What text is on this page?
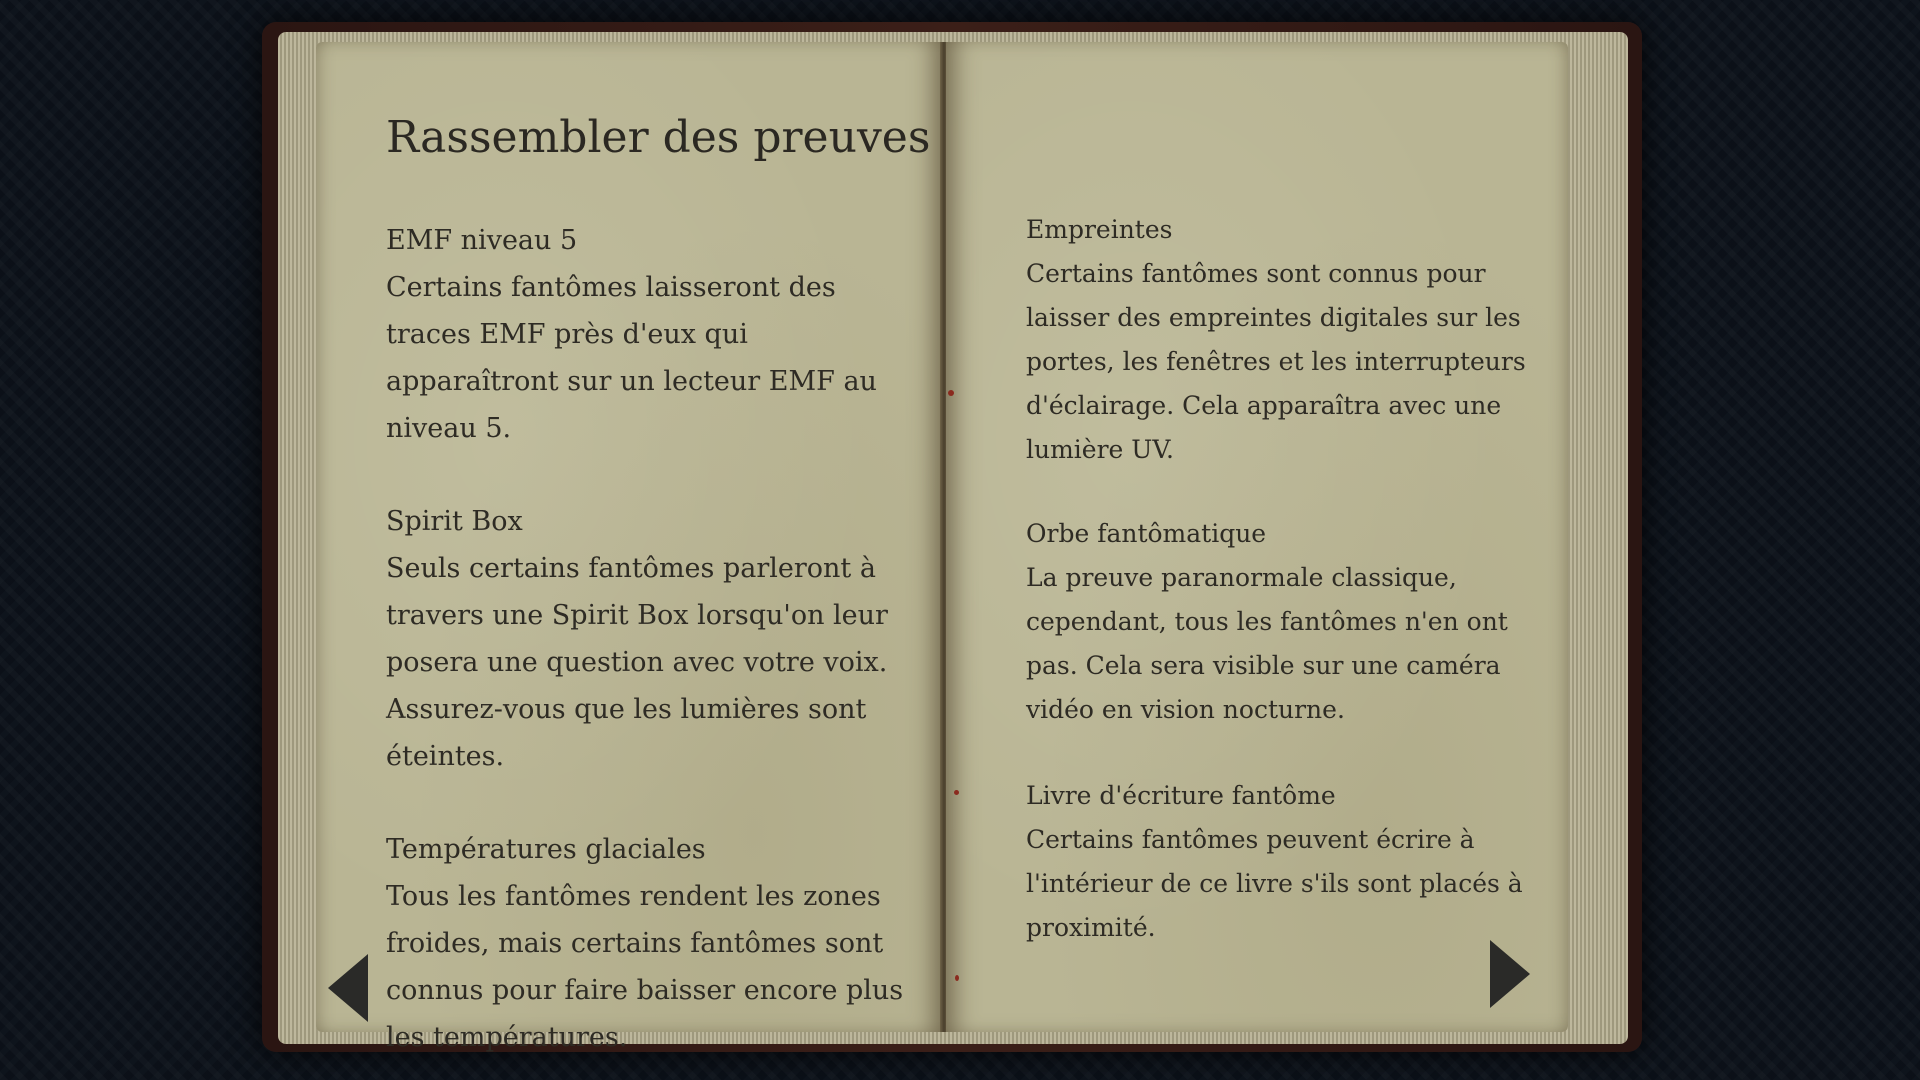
Rassembler des preuves
EMF niveau 5
Certains fantômes laisseront des traces EMF près d'eux qui apparaîtront sur un lecteur EMF au niveau 5.
Spirit Box
Seuls certains fantômes parleront à travers une Spirit Box lorsqu'on leur posera une question avec votre voix. Assurez-vous que les lumières sont éteintes.
Températures glaciales
Tous les fantômes rendent les zones froides, mais certains fantômes sont connus pour faire baisser encore plus les températures.
Empreintes
Certains fantômes sont connus pour laisser des empreintes digitales sur les portes, les fenêtres et les interrupteurs d'éclairage. Cela apparaîtra avec une lumière UV.
Orbe fantômatique
La preuve paranormale classique, cependant, tous les fantômes n'en ont pas. Cela sera visible sur une caméra vidéo en vision nocturne.
Livre d'écriture fantôme
Certains fantômes peuvent écrire à l'intérieur de ce livre s'ils sont placés à proximité.
